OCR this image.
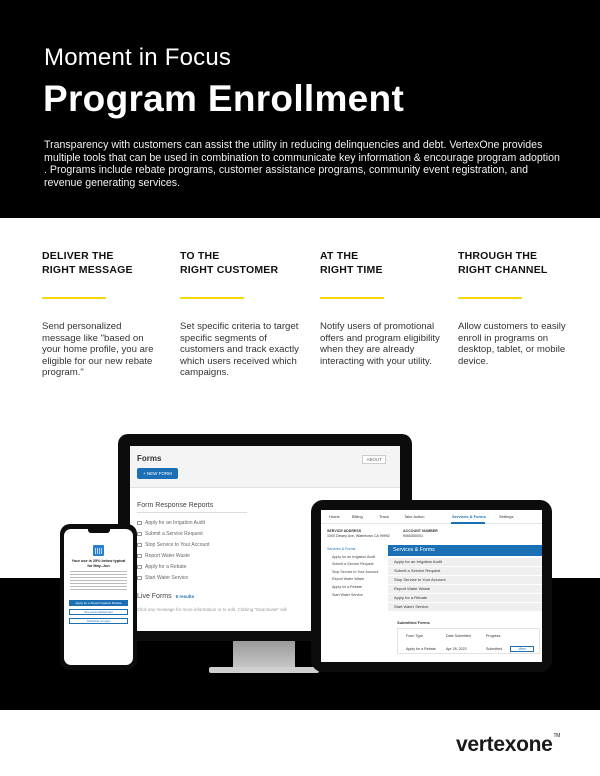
Moment in Focus
Program Enrollment
Transparency with customers can assist the utility in reducing delinquencies and debt. VertexOne provides multiple tools that can be used in combination to communicate key information & encourage program adoption . Programs include rebate programs, customer assistance programs, community event registration, and revenue generating services.
DELIVER THE
RIGHT MESSAGE
Send personalized message like "based on your home profile, you are eligible for our new rebate program."
TO THE
RIGHT CUSTOMER
Set specific criteria to target specific segments of customers and track exactly which users received which campaigns.
AT THE
RIGHT TIME
Notify users of promotional offers and program eligibility when they are already interacting with your utility.
THROUGH THE
RIGHT CHANNEL
Allow customers to easily enroll in programs on desktop, tablet, or mobile device.
Forms	ABOUT
+ NEW FORM
Form Response Reports
Apply for an Irrigation Audit
Submit a Service Request
Stop Service to Your Account
Report Water Waste
Apply for a Rebate
Start Water Service
Live Forms 6 results
Click any message for more information or to edit. Clicking "Deactivate" will
Home	Billing	Track	Take Action	Services & Forms	Settings
SERVICE ADDRESS
1000 Dewey Ave, Watertown CA 99992
ACCOUNT NUMBER
9060550001
Services & Forms
Apply for an Irrigation Audit
Submit a Service Request
Stop Service to Your Account
Report Water Waste
Apply for a Rebate
Start Water Service
Services & Forms
Apply for an Irrigation Audit ▾
Submit a Service Request ▾
Stop Service to Your Account ▾
Report Water Waste ▾
Apply for a Rebate ▾
Start Water Service ▾
Submitted Forms
Form Type	Date Submitted	Progress
Apply for a Rebate	Apr 28, 2023	Submitted	View
Your use is 25% below typical
for May–Jun
Apply for a Smart Irrigation Rebate
See personalized tips
Schedule an appt
vertexone™
